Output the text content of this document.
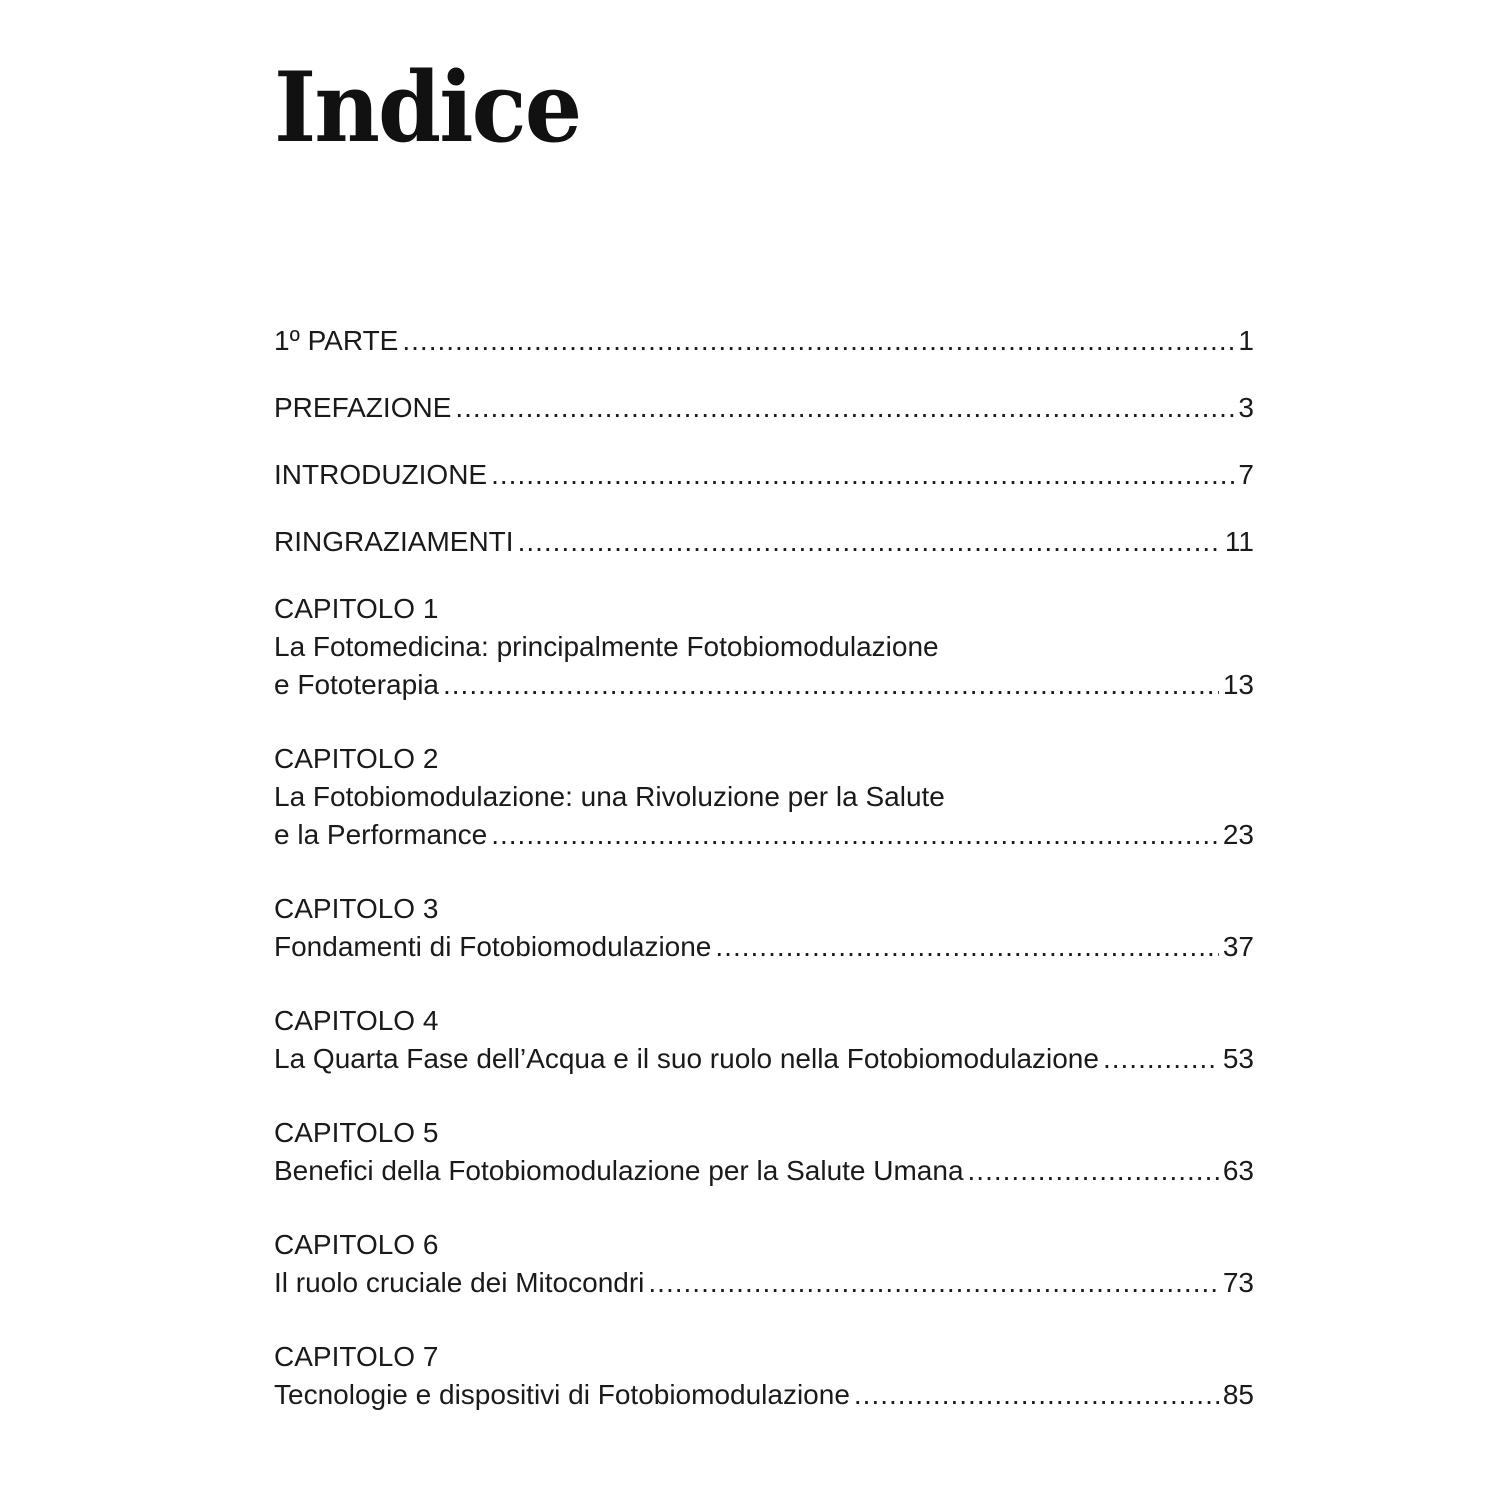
Indice
1º PARTE .....	1
PREFAZIONE .....	3
INTRODUZIONE .....	7
RINGRAZIAMENTI .....	11
CAPITOLO 1
La Fotomedicina: principalmente Fotobiomodulazione
e Fototerapia .....	13
CAPITOLO 2
La Fotobiomodulazione: una Rivoluzione per la Salute
e la Performance .....	23
CAPITOLO 3
Fondamenti di Fotobiomodulazione .....	37
CAPITOLO 4
La Quarta Fase dell’Acqua e il suo ruolo nella Fotobiomodulazione .....	53
CAPITOLO 5
Benefici della Fotobiomodulazione per la Salute Umana .....	63
CAPITOLO 6
Il ruolo cruciale dei Mitocondri .....	73
CAPITOLO 7
Tecnologie e dispositivi di Fotobiomodulazione .....	85
